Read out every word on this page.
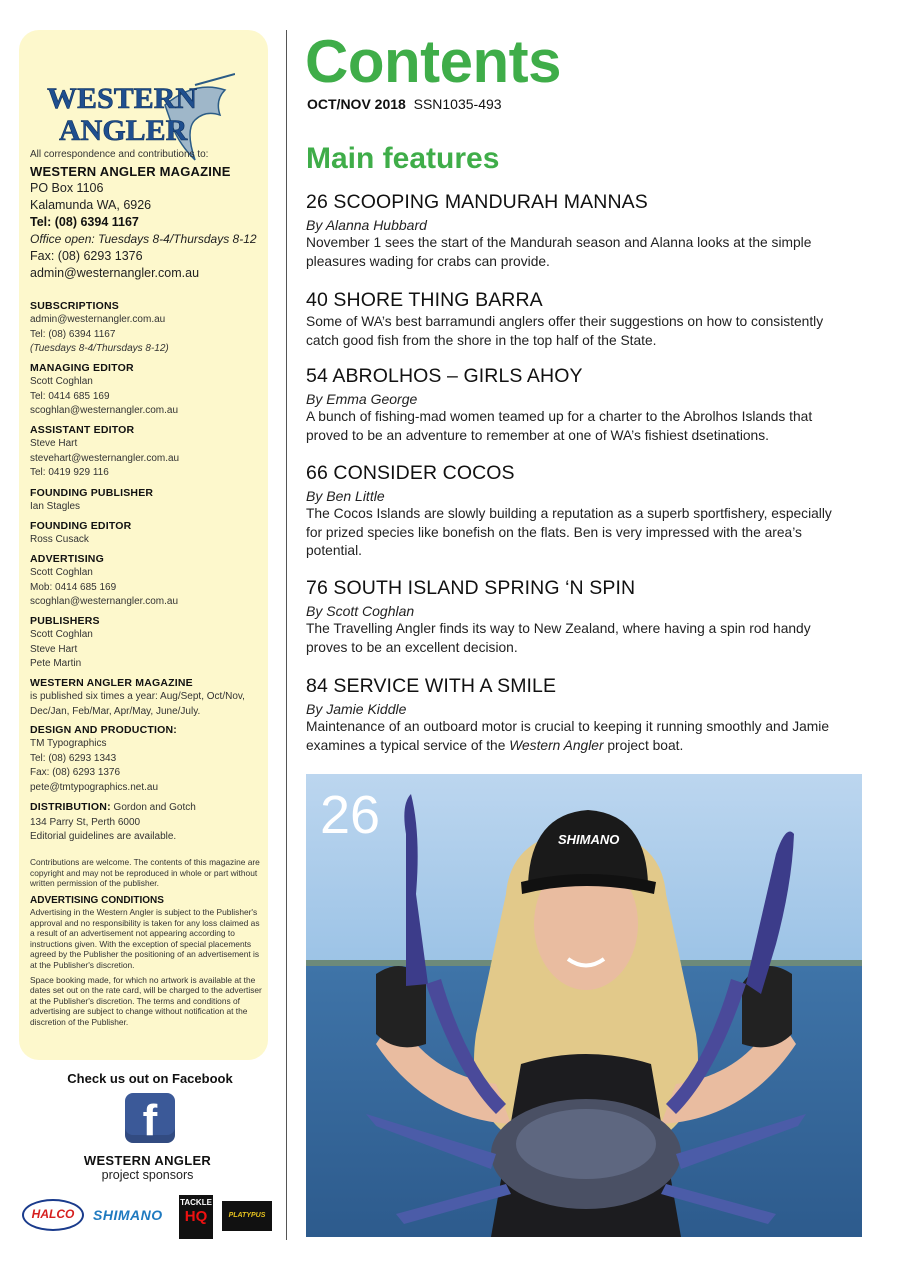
WESTERN
ANGLER
All correspondence and contributions to:
WESTERN ANGLER MAGAZINE
PO Box 1106
Kalamunda WA, 6926
Tel: (08) 6394 1167
Office open: Tuesdays 8-4/Thursdays 8-12
Fax: (08) 6293 1376
admin@westernangler.com.au
SUBSCRIPTIONS
admin@westernangler.com.au
Tel: (08) 6394 1167
(Tuesdays 8-4/Thursdays 8-12)
MANAGING EDITOR
Scott Coghlan
Tel: 0414 685 169
scoghlan@westernangler.com.au
ASSISTANT EDITOR
Steve Hart
stevehart@westernangler.com.au
Tel: 0419 929 116
FOUNDING PUBLISHER
Ian Stagles
FOUNDING EDITOR
Ross Cusack
ADVERTISING
Scott Coghlan
Mob: 0414 685 169
scoghlan@westernangler.com.au
PUBLISHERS
Scott Coghlan
Steve Hart
Pete Martin
WESTERN ANGLER MAGAZINE
is published six times a year: Aug/Sept, Oct/Nov,
Dec/Jan, Feb/Mar, Apr/May, June/July.
DESIGN AND PRODUCTION:
TM Typographics
Tel: (08) 6293 1343
Fax: (08) 6293 1376
pete@tmtypographics.net.au
DISTRIBUTION: Gordon and Gotch
134 Parry St, Perth 6000
Editorial guidelines are available.
Contributions are welcome. The contents of this magazine are copyright and may not be reproduced in whole or part without written permission of the publisher.
ADVERTISING CONDITIONS
Advertising in the Western Angler is subject to the Publisher's approval and no responsibility is taken for any loss claimed as a result of an advertisement not appearing according to instructions given. With the exception of special placements agreed by the Publisher the positioning of an advertisement is at the Publisher's discretion.
Space booking made, for which no artwork is available at the dates set out on the rate card, will be charged to the advertiser at the Publisher's discretion. The terms and conditions of advertising are subject to change without notification at the discretion of the Publisher.
Check us out on Facebook
f
WESTERN ANGLER
project sponsors
HALCO	SHIMANO
TACKLE
HQ	PLATYPUS
Contents
OCT/NOV 2018 SSN1035-493
Main features
26 SCOOPING MANDURAH MANNAS
By Alanna Hubbard
November 1 sees the start of the Mandurah season and Alanna looks at the simple pleasures wading for crabs can provide.
40 SHORE THING BARRA
Some of WA’s best barramundi anglers offer their suggestions on how to consistently catch good fish from the shore in the top half of the State.
54 ABROLHOS – GIRLS AHOY
By Emma George
A bunch of fishing-mad women teamed up for a charter to the Abrolhos Islands that proved to be an adventure to remember at one of WA’s fishiest dsetinations.
66 CONSIDER COCOS
By Ben Little
The Cocos Islands are slowly building a reputation as a superb sportfishery, especially for prized species like bonefish on the flats. Ben is very impressed with the area’s potential.
76 SOUTH ISLAND SPRING ‘N SPIN
By Scott Coghlan
The Travelling Angler finds its way to New Zealand, where having a spin rod handy proves to be an excellent decision.
84 SERVICE WITH A SMILE
By Jamie Kiddle
Maintenance of an outboard motor is crucial to keeping it running smoothly and Jamie examines a typical service of the Western Angler project boat.
SHIMANO
26
